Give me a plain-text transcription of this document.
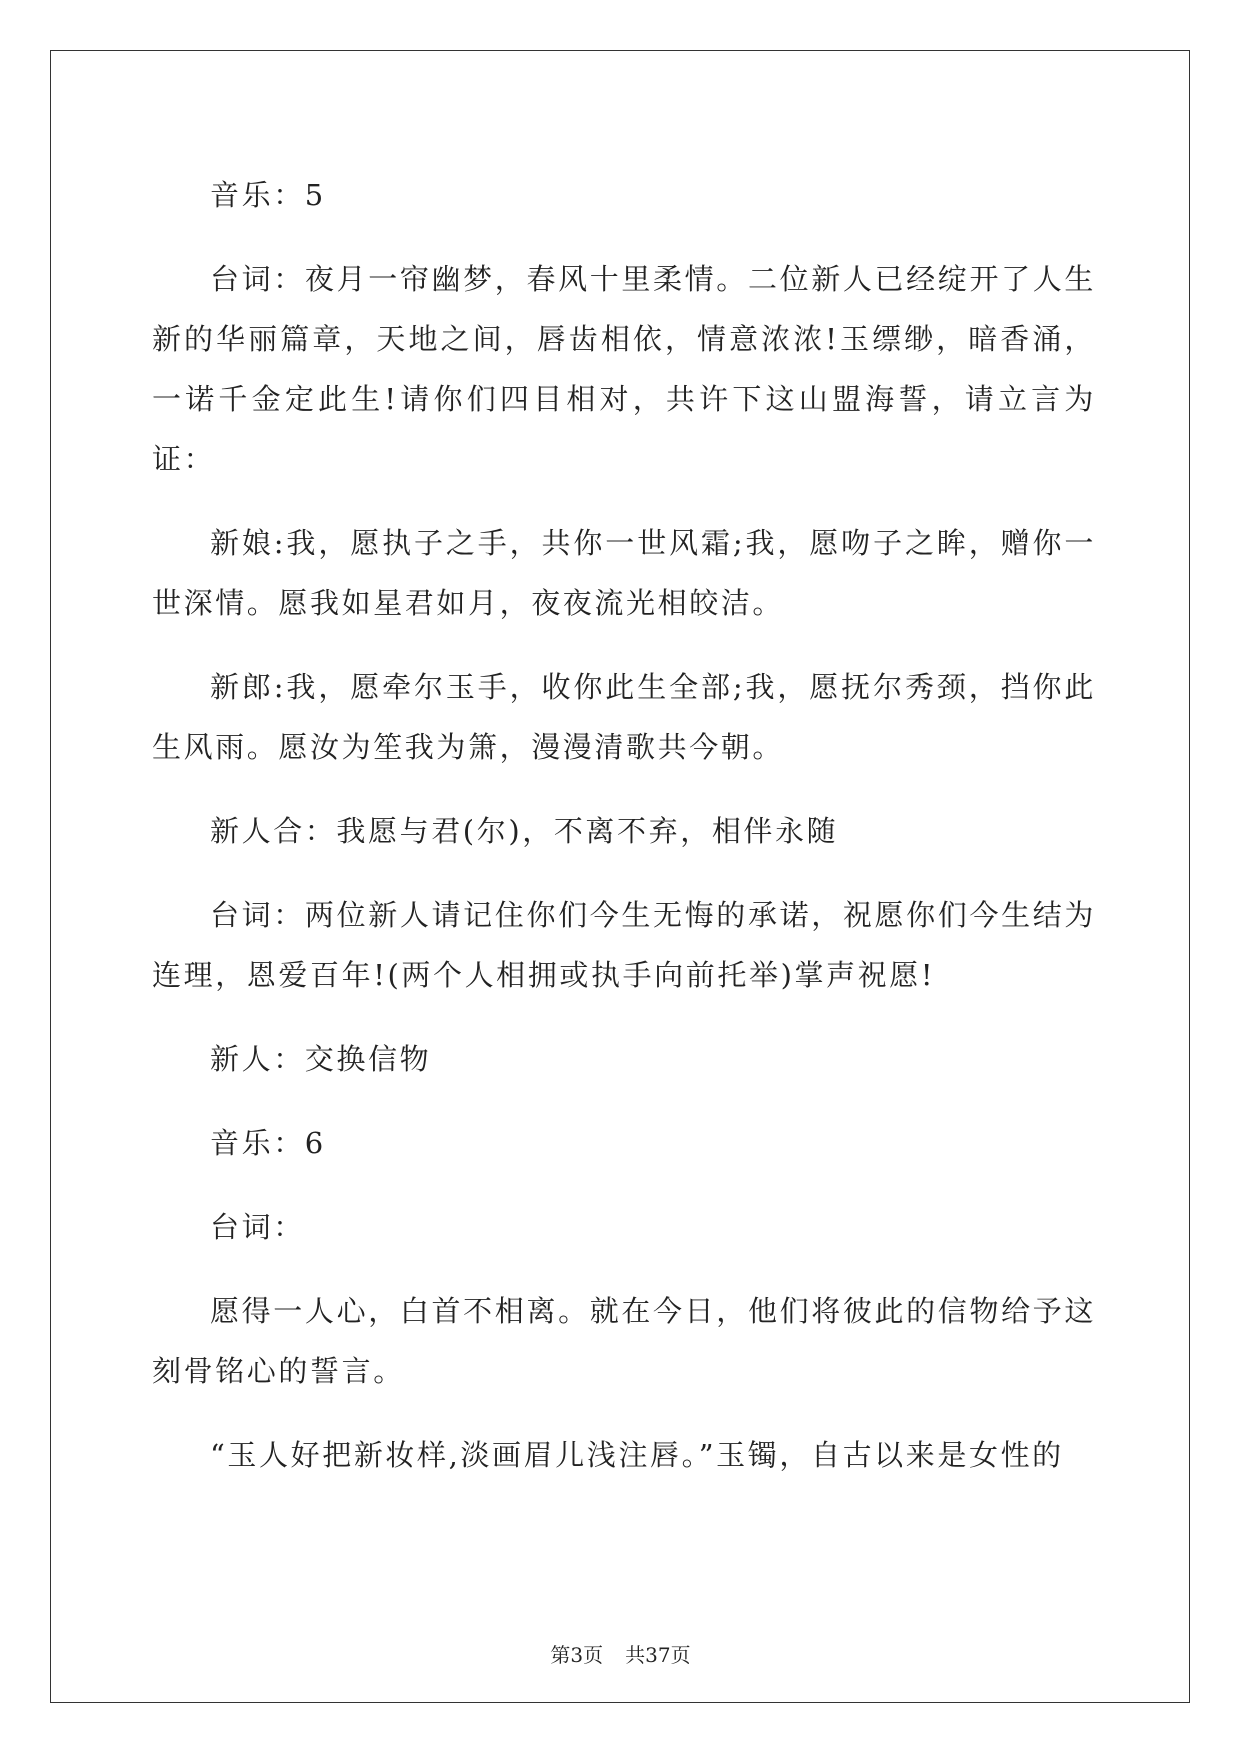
音乐：5

台词：夜月一帘幽梦，春风十里柔情。二位新人已经绽开了人生新的华丽篇章，天地之间，唇齿相依，情意浓浓!玉缥缈，暗香涌，一诺千金定此生!请你们四目相对，共许下这山盟海誓，请立言为证：

新娘:我，愿执子之手，共你一世风霜;我，愿吻子之眸，赠你一世深情。愿我如星君如月，夜夜流光相皎洁。

新郎:我，愿牵尔玉手，收你此生全部;我，愿抚尔秀颈，挡你此生风雨。愿汝为笙我为箫，漫漫清歌共今朝。

新人合：我愿与君(尔)，不离不弃，相伴永随

台词：两位新人请记住你们今生无悔的承诺，祝愿你们今生结为连理，恩爱百年!(两个人相拥或执手向前托举)掌声祝愿!

新人：交换信物

音乐：6

台词：

愿得一人心，白首不相离。就在今日，他们将彼此的信物给予这刻骨铭心的誓言。

“玉人好把新妆样,淡画眉儿浅注唇。”玉镯，自古以来是女性的

第3页 共37页
